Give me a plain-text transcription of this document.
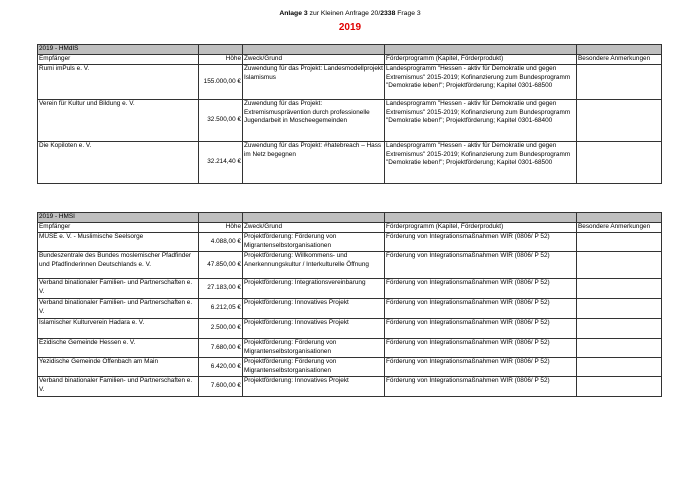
Anlage 3 zur Kleinen Anfrage 20/2338 Frage 3
2019
2019 - HMdIS				
Empfänger	Höhe	Zweck/Grund	Förderprogramm (Kapitel, Förderprodukt)	Besondere Anmerkungen
Rumi imPuls e. V.	155.000,00 €	Zuwendung für das Projekt: Landesmodellprojekt Islamismus	Landesprogramm "Hessen - aktiv für Demokratie und gegen Extremismus" 2015-2019; Kofinanzierung zum Bundesprogramm "Demokratie leben!"; Projektförderung; Kapitel 0301-68500	
Verein für Kultur und Bildung e. V.	32.500,00 €	Zuwendung für das Projekt: Extremismusprävention durch professionelle Jugendarbeit in Moscheegemeinden	Landesprogramm "Hessen - aktiv für Demokratie und gegen Extremismus" 2015-2019; Kofinanzierung zum Bundesprogramm "Demokratie leben!"; Projektförderung; Kapitel 0301-68400	
Die Kopiloten e. V.	32.214,40 €	Zuwendung für das Projekt: #hatebreach – Hass im Netz begegnen	Landesprogramm "Hessen - aktiv für Demokratie und gegen Extremismus" 2015-2019; Kofinanzierung zum Bundesprogramm "Demokratie leben!"; Projektförderung; Kapitel 0301-68500	
2019 - HMSI				
Empfänger	Höhe	Zweck/Grund	Förderprogramm (Kapitel, Förderprodukt)	Besondere Anmerkungen
MUSE e. V. - Muslimische Seelsorge	4.088,00 €	Projektförderung: Förderung von Migrantenselbstorganisationen	Förderung von Integrationsmaßnahmen WIR (0806/ P 52)	
Bundeszentrale des Bundes moslemischer Pfadfinder und Pfadfinderinnen Deutschlands e. V.	47.850,00 €	Projektförderung: Willkommens- und Anerkennungskultur / Interkulturelle Öffnung	Förderung von Integrationsmaßnahmen WIR (0806/ P 52)	
Verband binationaler Familien- und Partnerschaften e. V.	27.183,00 €	Projektförderung: Integrationsvereinbarung	Förderung von Integrationsmaßnahmen WIR (0806/ P 52)	
Verband binationaler Familien- und Partnerschaften e. V.	6.212,05 €	Projektförderung: Innovatives Projekt	Förderung von Integrationsmaßnahmen WIR (0806/ P 52)	
Islamischer Kulturverein Hadara e. V.	2.500,00 €	Projektförderung: Innovatives Projekt	Förderung von Integrationsmaßnahmen WIR (0806/ P 52)	
Ezidische Gemeinde Hessen e. V.	7.680,00 €	Projektförderung: Förderung von Migrantenselbstorganisationen	Förderung von Integrationsmaßnahmen WIR (0806/ P 52)	
Yezidische Gemeinde Offenbach am Main	6.420,00 €	Projektförderung: Förderung von Migrantenselbstorganisationen	Förderung von Integrationsmaßnahmen WIR (0806/ P 52)	
Verband binationaler Familien- und Partnerschaften e. V.	7.600,00 €	Projektförderung: Innovatives Projekt	Förderung von Integrationsmaßnahmen WIR (0806/ P 52)	
